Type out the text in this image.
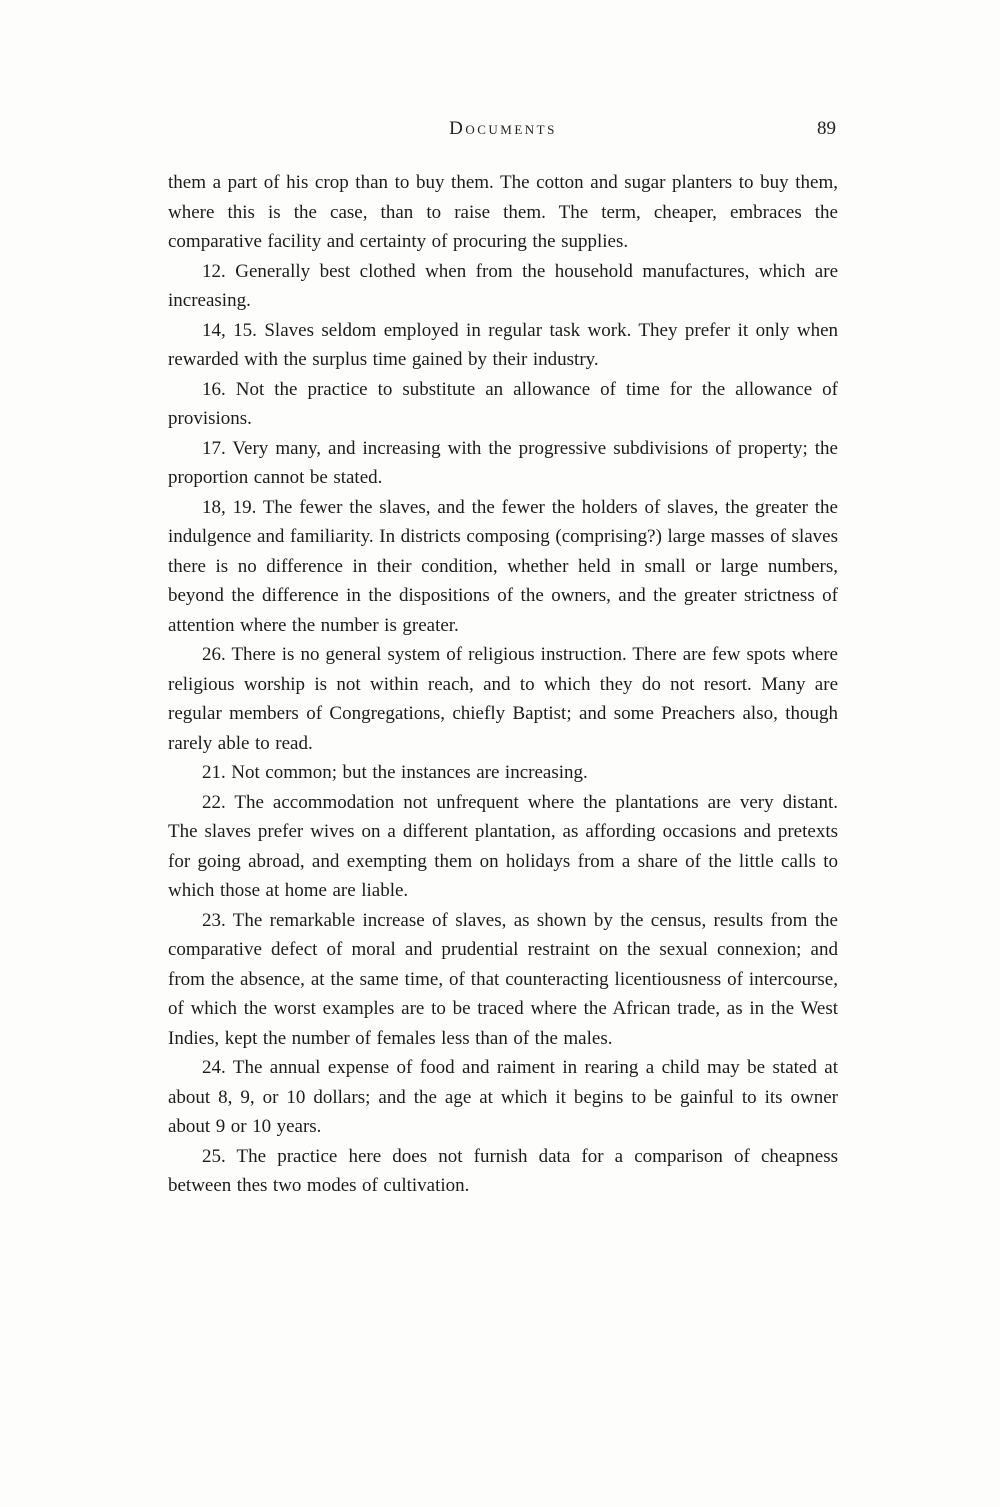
Documents	89

them a part of his crop than to buy them. The cotton and sugar planters to buy them, where this is the case, than to raise them. The term, cheaper, embraces the comparative facility and certainty of procuring the supplies.

12. Generally best clothed when from the household manufactures, which are increasing.

14, 15. Slaves seldom employed in regular task work. They prefer it only when rewarded with the surplus time gained by their industry.

16. Not the practice to substitute an allowance of time for the allowance of provisions.

17. Very many, and increasing with the progressive subdivisions of property; the proportion cannot be stated.

18, 19. The fewer the slaves, and the fewer the holders of slaves, the greater the indulgence and familiarity. In districts composing (comprising?) large masses of slaves there is no difference in their condition, whether held in small or large numbers, beyond the difference in the dispositions of the owners, and the greater strictness of attention where the number is greater.

26. There is no general system of religious instruction. There are few spots where religious worship is not within reach, and to which they do not resort. Many are regular members of Congregations, chiefly Baptist; and some Preachers also, though rarely able to read.

21. Not common; but the instances are increasing.

22. The accommodation not unfrequent where the plantations are very distant. The slaves prefer wives on a different plantation, as affording occasions and pretexts for going abroad, and exempting them on holidays from a share of the little calls to which those at home are liable.

23. The remarkable increase of slaves, as shown by the census, results from the comparative defect of moral and prudential restraint on the sexual connexion; and from the absence, at the same time, of that counteracting licentiousness of intercourse, of which the worst examples are to be traced where the African trade, as in the West Indies, kept the number of females less than of the males.

24. The annual expense of food and raiment in rearing a child may be stated at about 8, 9, or 10 dollars; and the age at which it begins to be gainful to its owner about 9 or 10 years.

25. The practice here does not furnish data for a comparison of cheapness between thes two modes of cultivation.
